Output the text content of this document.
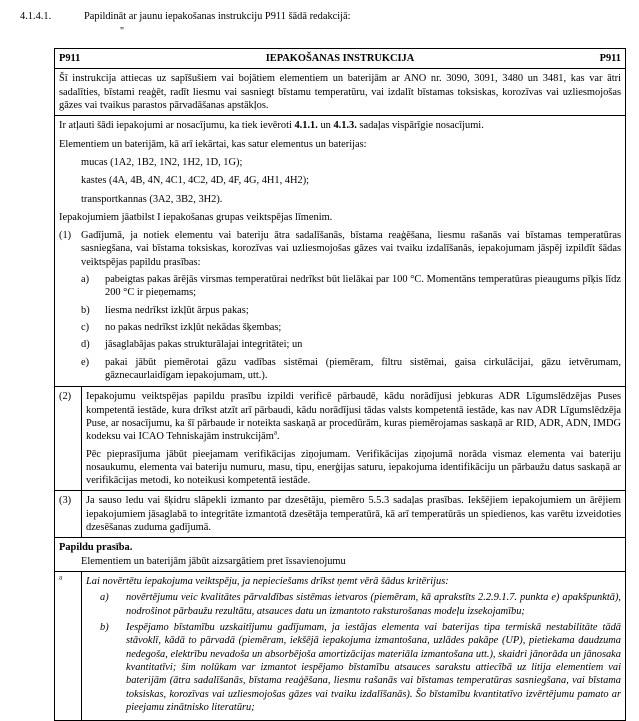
4.1.4.1.	Papildināt ar jaunu iepakošanas instrukciju P911 šādā redakcijā:
"
P911	IEPAKOŠANAS INSTRUKCIJA	P911
Šī instrukcija attiecas uz sapīšušiem vai bojātiem elementiem un baterijām ar ANO nr. 3090, 3091, 3480 un 3481, kas var ātri sadalīties, bīstami reaģēt, radīt liesmu vai sasniegt bīstamu temperatūru, vai izdalīt bīstamas toksiskas, korozīvas vai uzliesmojošas gāzes vai tvaikus parastos pārvadāšanas apstākļos.

Ir atļauti šādi iepakojumi ar nosacījumu, ka tiek ievēroti 4.1.1. un 4.1.3. sadaļas vispārīgie nosacījumi.

Elementiem un baterijām, kā arī iekārtai, kas satur elementus un baterijas:

mucas (1A2, 1B2, 1N2, 1H2, 1D, 1G);

kastes (4A, 4B, 4N, 4C1, 4C2, 4D, 4F, 4G, 4H1, 4H2);

transportkannas (3A2, 3B2, 3H2).

Iepakojumiem jāatbilst I iepakošanas grupas veiktspējas līmenim.

(1) Gadījumā, ja notiek elementu vai bateriju ātra sadalīšanās, bīstama reaģēšana, liesmu rašanās vai bīstamas temperatūras sasniegšana, vai bīstama toksiskas, korozīvas vai uzliesmojošas gāzes vai tvaiku izdalīšanās, iepakojumam jāspēj izpildīt šādas veiktspējas papildu prasības:
a)	pabeigtas pakas ārējās virsmas temperatūrai nedrīkst būt lielākai par 100 °C. Momentāns temperatūras pieaugums pīķis līdz 200 °C ir pieņemams;
b)	liesma nedrīkst izkļūt ārpus pakas;
c)	no pakas nedrīkst izkļūt nekādas šķembas;
d)	jāsaglabājas pakas strukturālajai integritātei; un
e)	pakai jābūt piemērotai gāzu vadības sistēmai (piemēram, filtru sistēmai, gaisa cirkulācijai, gāzu ietvērumam, gāznecaurlaidīgam iepakojumam, utt.).
(2)	Iepakojumu veiktspējas papildu prasību izpildi verificē pārbaudē, kādu norādījusi jebkuras ADR Līgumslēdzējas Puses kompetentā iestāde, kura drīkst atzīt arī pārbaudi, kādu norādījusi tādas valsts kompetentā iestāde, kas nav ADR Līgumslēdzēja Puse, ar nosacījumu, ka šī pārbaude ir noteikta saskaņā ar procedūrām, kuras piemērojamas saskaņā ar RID, ADR, ADN, IMDG kodeksu vai ICAO Tehniskajām instrukcijām$^a$.
Pēc pieprasījuma jābūt pieejamam verifikācijas ziņojumam. Verifikācijas ziņojumā norāda vismaz elementa vai bateriju nosaukumu, elementa vai bateriju numuru, masu, tipu, enerģijas saturu, iepakojuma identifikāciju un pārbaužu datus saskaņā ar verifikācijas metodi, ko noteikusi kompetentā iestāde.
(3)	Ja sauso ledu vai šķidru slāpekli izmanto par dzesētāju, piemēro 5.5.3 sadaļas prasības. Iekšējiem iepakojumiem un ārējiem iepakojumiem jāsaglabā to integritāte izmantotā dzesētāja temperatūrā, kā arī temperatūrās un spiedienos, kas varētu izveidoties dzesēšanas zuduma gadījumā.
Papildu prasība.
Elementiem un baterijām jābūt aizsargātiem pret īssavienojumu
$^a$	Lai novērtētu iepakojuma veiktspēju, ja nepieciešams drīkst ņemt vērā šādus kritērijus:

a)	novērtējumu veic kvalitātes pārvaldības sistēmas ietvaros (piemēram, kā aprakstīts 2.2.9.1.7. punkta e) apakšpunktā), nodrošinot pārbaužu rezultātu, atsauces datu un izmantoto raksturošanas modeļu izsekojamību;
b)	Iespējamo bīstamību uzskaitījumu gadījumam, ja iestājas elementa vai baterijas tipa termiskā nestabilitāte tādā stāvoklī, kādā to pārvadā (piemēram, iekšējā iepakojuma izmantošana, uzlādes pakāpe (UP), pietiekama daudzuma nedegoša, elektrību nevadoša un absorbējoša amortizācijas materiāla izmantošana utt.), skaidri jānorāda un jānosaka kvantitatīvi; šim nolūkam var izmantot iespējamo bīstamību atsauces sarakstu attiecībā uz litija elementiem vai baterijām (ātra sadalīšanās, bīstama reaģēšana, liesmu rašanās vai bīstamas temperatūras sasniegšana, vai bīstama toksiskas, korozīvas vai uzliesmojošas gāzes vai tvaiku izdalīšanās). Šo bīstamību kvantitatīvo izvērtējumu pamato ar pieejamu zinātnisko literatūru;
